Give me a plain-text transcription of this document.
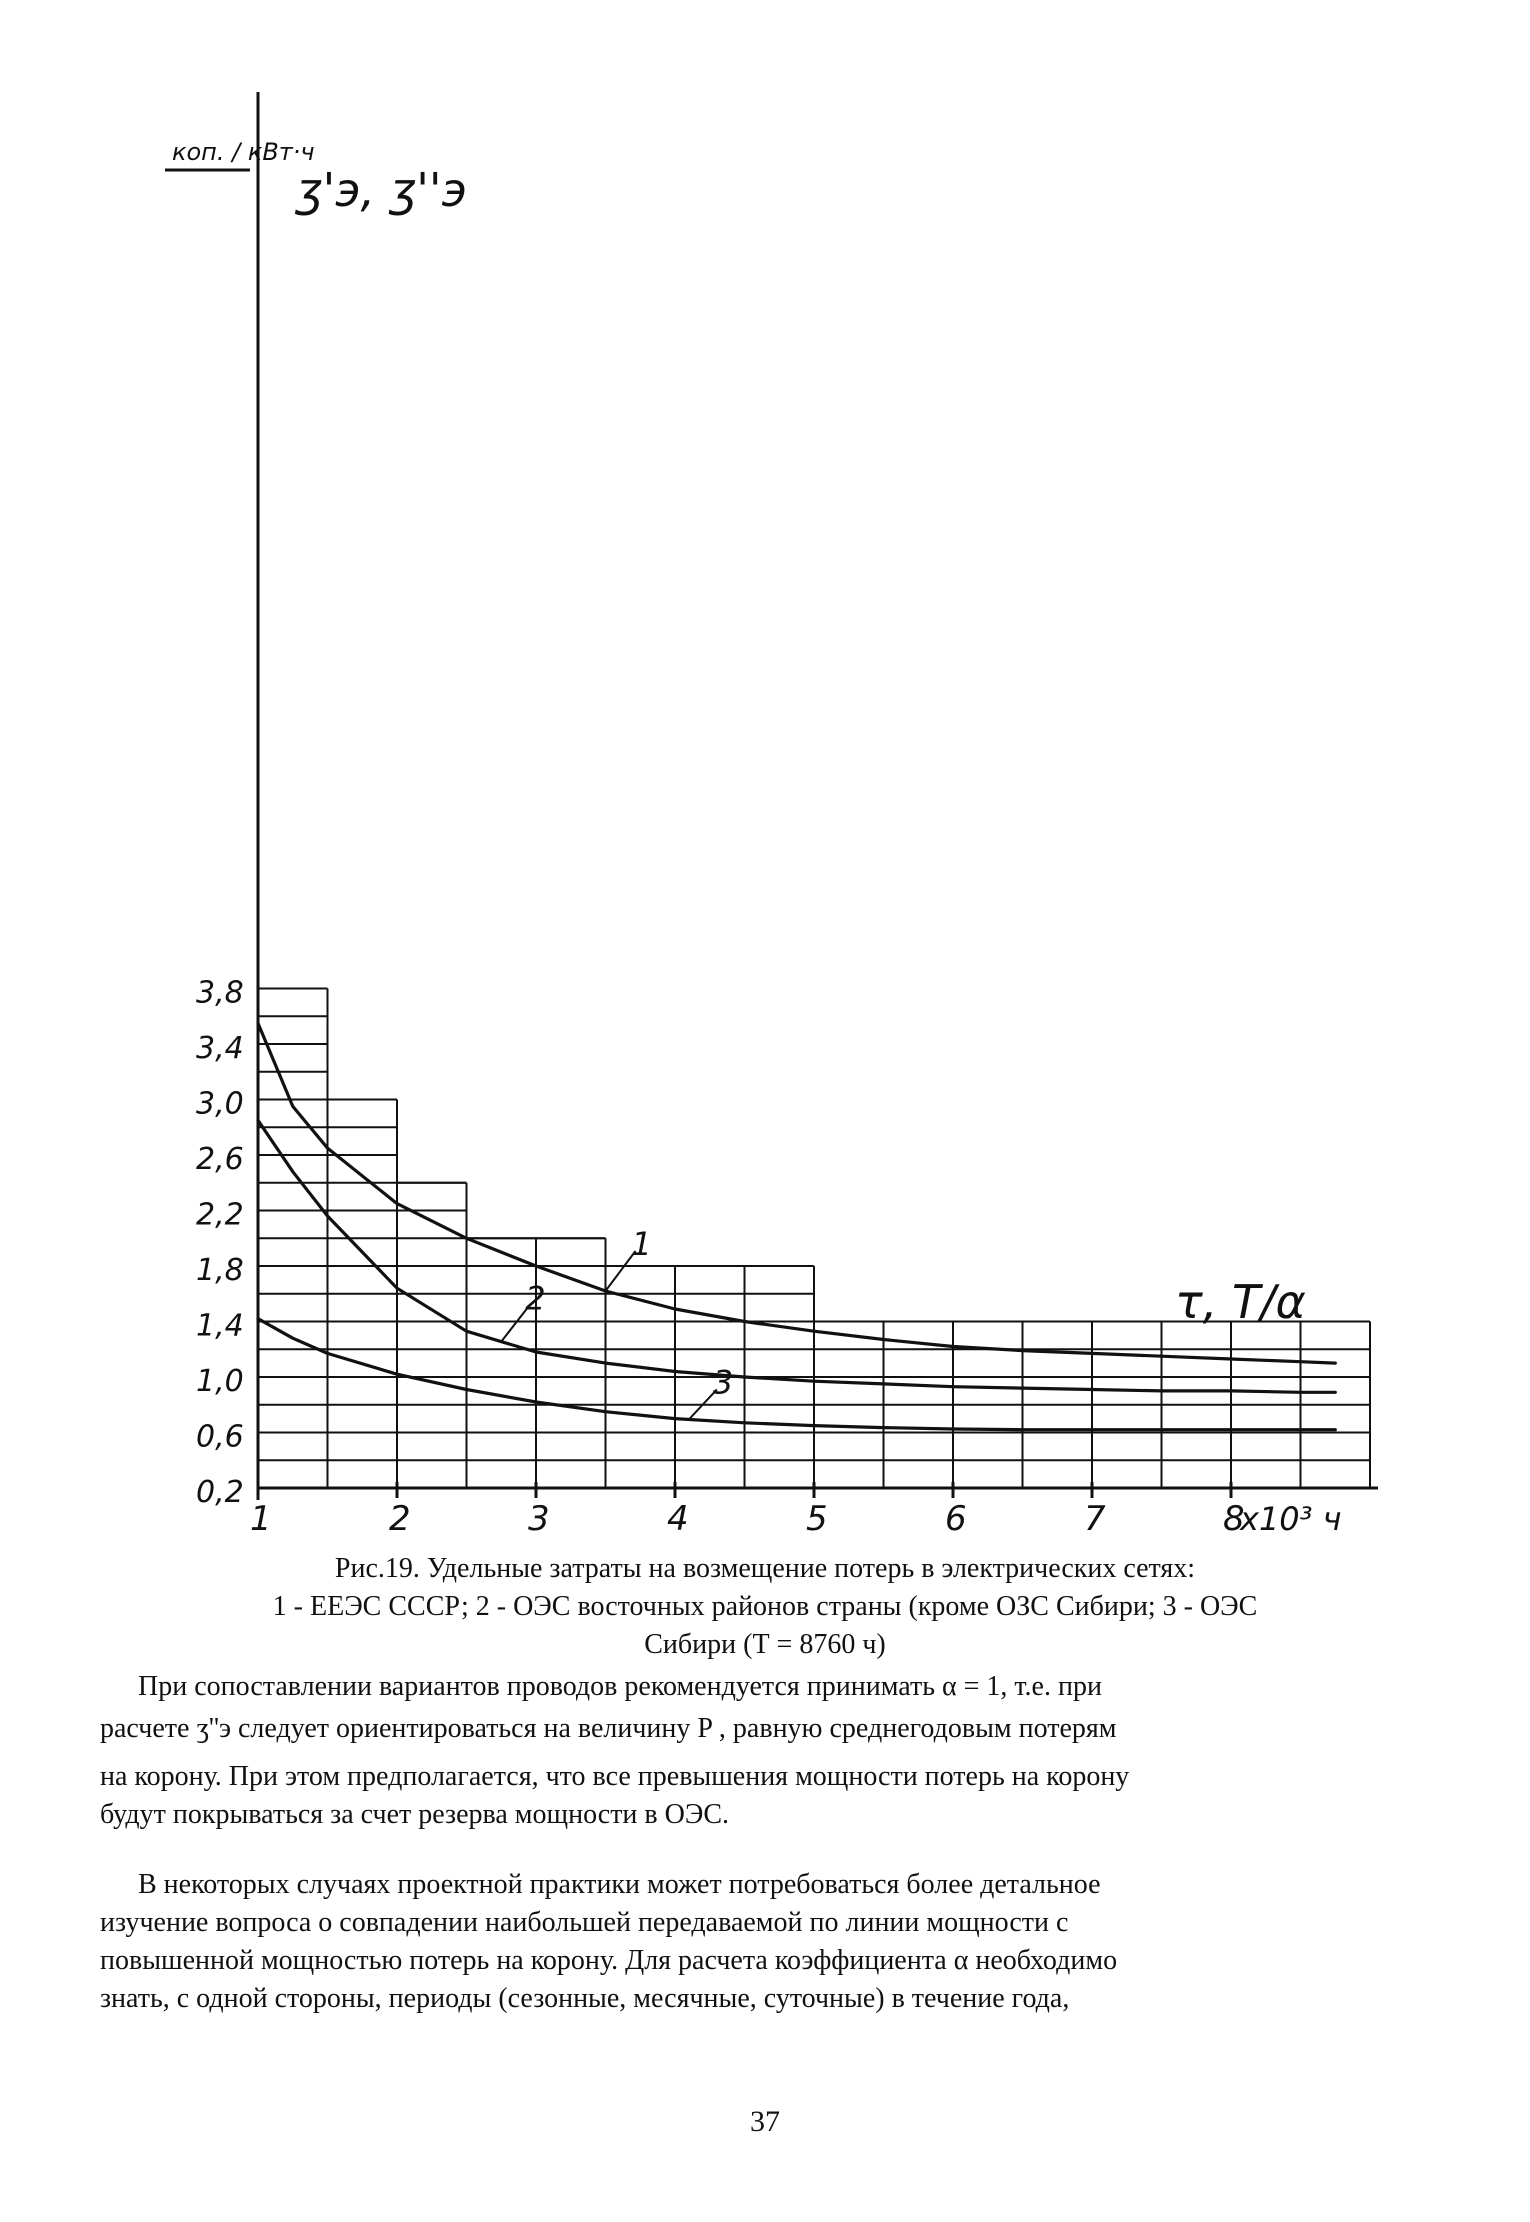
1	2	3	4	5	6	7	8
0,2
0,6
1,0
1,4
1,8
2,2
2,6
3,0
3,4
3,8
1
2
3
коп. / кВт·ч
ʒ'э, ʒ''э
τ, T/α
x10³ ч
Рис.19. Удельные затраты на возмещение потерь в электрических сетях:
1 - ЕЕЭС СССР; 2 - ОЭС восточных районов страны (кроме ОЗС Сибири; 3 - ОЭС
Сибири (Т = 8760 ч)

При сопоставлении вариантов проводов рекомендуется принимать α = 1, т.е. при

расчете ʒ''э следует ориентироваться на величину P , равную среднегодовым потерям

на корону. При этом предполагается, что все превышения мощности потерь на корону

будут покрываться за счет резерва мощности в ОЭС.

В некоторых случаях проектной практики может потребоваться более детальное

изучение вопроса о совпадении наибольшей передаваемой по линии мощности с

повышенной мощностью потерь на корону. Для расчета коэффициента α необходимо

знать, с одной стороны, периоды (сезонные, месячные, суточные) в течение года,

37
